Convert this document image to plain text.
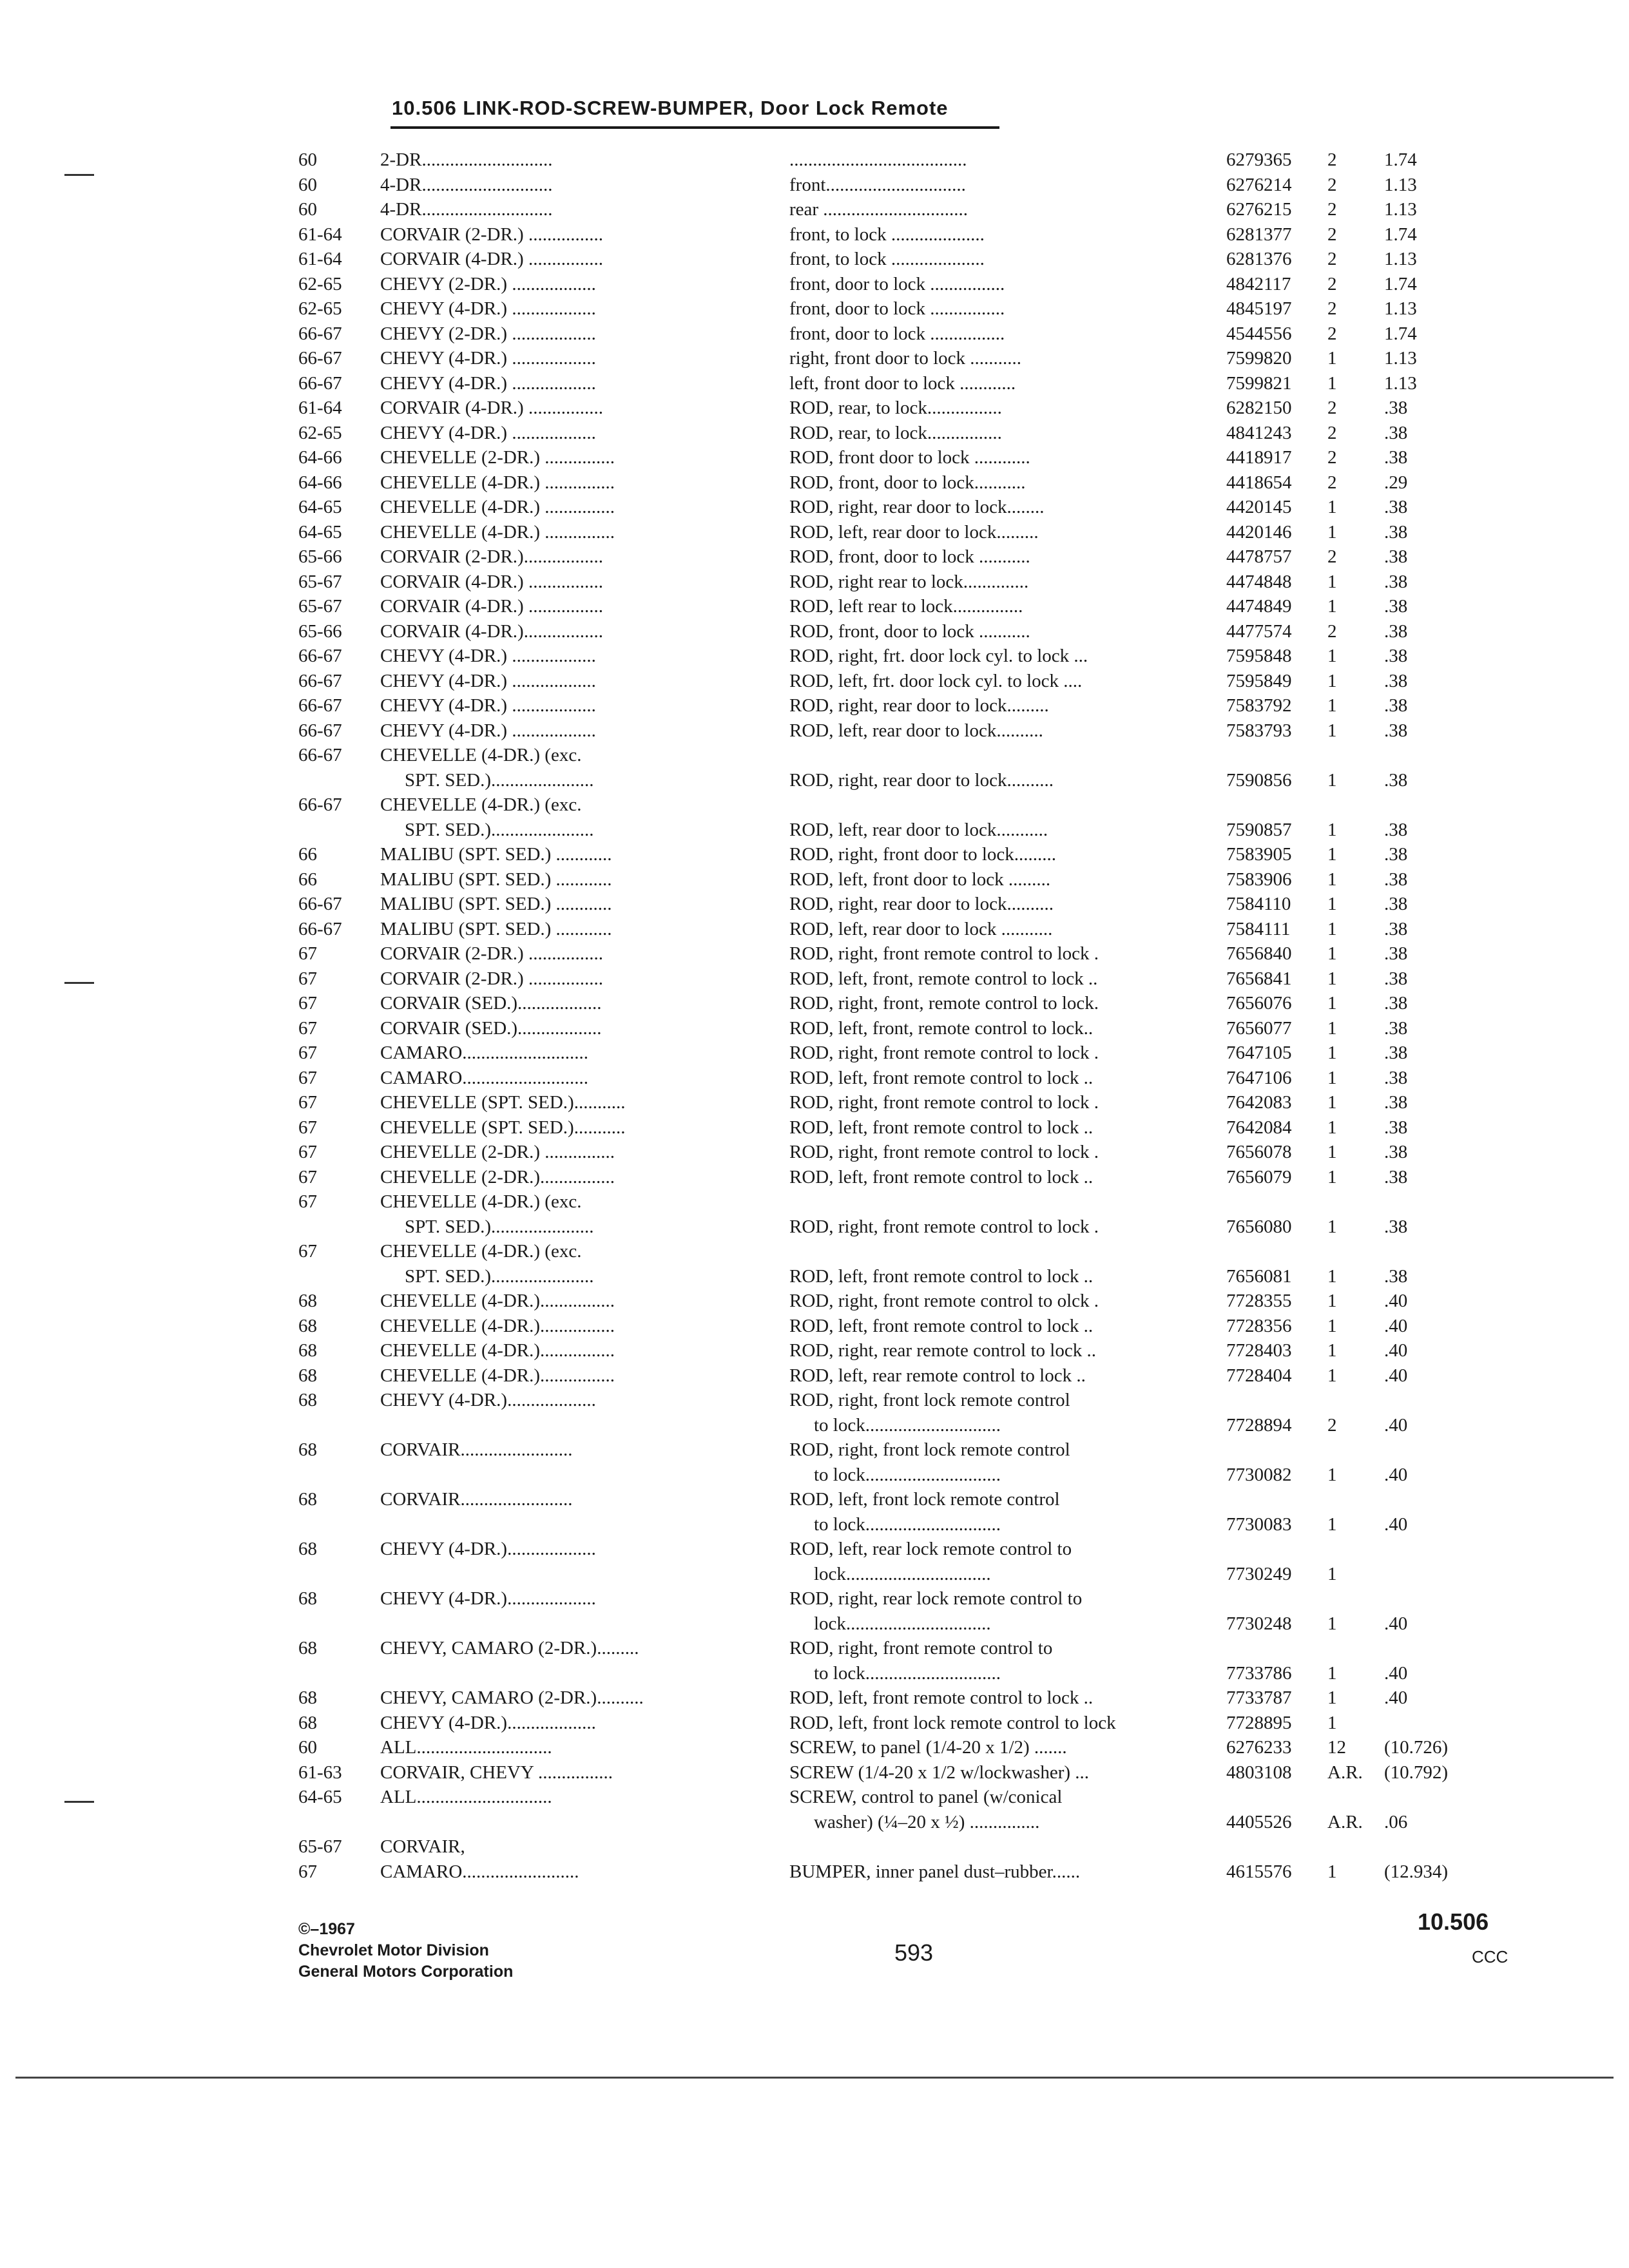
10.506 LINK-ROD-SCREW-BUMPER, Door Lock Remote
60	2-DR............................	......................................	6279365	2	1.74
60	4-DR............................	front..............................	6276214	2	1.13
60	4-DR............................	rear ...............................	6276215	2	1.13
61-64	CORVAIR (2-DR.) ................	front, to lock ....................	6281377	2	1.74
61-64	CORVAIR (4-DR.) ................	front, to lock ....................	6281376	2	1.13
62-65	CHEVY (2-DR.) ..................	front, door to lock ................	4842117	2	1.74
62-65	CHEVY (4-DR.) ..................	front, door to lock ................	4845197	2	1.13
66-67	CHEVY (2-DR.) ..................	front, door to lock ................	4544556	2	1.74
66-67	CHEVY (4-DR.) ..................	right, front door to lock ...........	7599820	1	1.13
66-67	CHEVY (4-DR.) ..................	left, front door to lock ............	7599821	1	1.13
61-64	CORVAIR (4-DR.) ................	ROD, rear, to lock................	6282150	2	.38
62-65	CHEVY (4-DR.) ..................	ROD, rear, to lock................	4841243	2	.38
64-66	CHEVELLE (2-DR.) ...............	ROD, front door to lock ............	4418917	2	.38
64-66	CHEVELLE (4-DR.) ...............	ROD, front, door to lock...........	4418654	2	.29
64-65	CHEVELLE (4-DR.) ...............	ROD, right, rear door to lock........	4420145	1	.38
64-65	CHEVELLE (4-DR.) ...............	ROD, left, rear door to lock.........	4420146	1	.38
65-66	CORVAIR (2-DR.).................	ROD, front, door to lock ...........	4478757	2	.38
65-67	CORVAIR (4-DR.) ................	ROD, right rear to lock..............	4474848	1	.38
65-67	CORVAIR (4-DR.) ................	ROD, left rear to lock...............	4474849	1	.38
65-66	CORVAIR (4-DR.).................	ROD, front, door to lock ...........	4477574	2	.38
66-67	CHEVY (4-DR.) ..................	ROD, right, frt. door lock cyl. to lock ...	7595848	1	.38
66-67	CHEVY (4-DR.) ..................	ROD, left, frt. door lock cyl. to lock ....	7595849	1	.38
66-67	CHEVY (4-DR.) ..................	ROD, right, rear door to lock.........	7583792	1	.38
66-67	CHEVY (4-DR.) ..................	ROD, left, rear door to lock..........	7583793	1	.38
66-67	CHEVELLE (4-DR.) (exc.
SPT. SED.)......................	ROD, right, rear door to lock..........	7590856	1	.38
66-67	CHEVELLE (4-DR.) (exc.
SPT. SED.)......................	ROD, left, rear door to lock...........	7590857	1	.38
66	MALIBU (SPT. SED.) ............	ROD, right, front door to lock.........	7583905	1	.38
66	MALIBU (SPT. SED.) ............	ROD, left, front door to lock .........	7583906	1	.38
66-67	MALIBU (SPT. SED.) ............	ROD, right, rear door to lock..........	7584110	1	.38
66-67	MALIBU (SPT. SED.) ............	ROD, left, rear door to lock ...........	7584111	1	.38
67	CORVAIR (2-DR.) ................	ROD, right, front remote control to lock .	7656840	1	.38
67	CORVAIR (2-DR.) ................	ROD, left, front, remote control to lock ..	7656841	1	.38
67	CORVAIR (SED.)..................	ROD, right, front, remote control to lock.	7656076	1	.38
67	CORVAIR (SED.)..................	ROD, left, front, remote control to lock..	7656077	1	.38
67	CAMARO...........................	ROD, right, front remote control to lock .	7647105	1	.38
67	CAMARO...........................	ROD, left, front remote control to lock ..	7647106	1	.38
67	CHEVELLE (SPT. SED.)...........	ROD, right, front remote control to lock .	7642083	1	.38
67	CHEVELLE (SPT. SED.)...........	ROD, left, front remote control to lock ..	7642084	1	.38
67	CHEVELLE (2-DR.) ...............	ROD, right, front remote control to lock .	7656078	1	.38
67	CHEVELLE (2-DR.)................	ROD, left, front remote control to lock ..	7656079	1	.38
67	CHEVELLE (4-DR.) (exc.
SPT. SED.)......................	ROD, right, front remote control to lock .	7656080	1	.38
67	CHEVELLE (4-DR.) (exc.
SPT. SED.)......................	ROD, left, front remote control to lock ..	7656081	1	.38
68	CHEVELLE (4-DR.)................	ROD, right, front remote control to olck .	7728355	1	.40
68	CHEVELLE (4-DR.)................	ROD, left, front remote control to lock ..	7728356	1	.40
68	CHEVELLE (4-DR.)................	ROD, right, rear remote control to lock ..	7728403	1	.40
68	CHEVELLE (4-DR.)................	ROD, left, rear remote control to lock ..	7728404	1	.40
68	CHEVY (4-DR.)...................	ROD, right, front lock remote control
to lock.............................	7728894	2	.40
68	CORVAIR........................	ROD, right, front lock remote control
to lock.............................	7730082	1	.40
68	CORVAIR........................	ROD, left, front lock remote control
to lock.............................	7730083	1	.40
68	CHEVY (4-DR.)...................	ROD, left, rear lock remote control to
lock...............................	7730249	1
68	CHEVY (4-DR.)...................	ROD, right, rear lock remote control to
lock...............................	7730248	1	.40
68	CHEVY, CAMARO (2-DR.).........	ROD, right, front remote control to
to lock.............................	7733786	1	.40
68	CHEVY, CAMARO (2-DR.)..........	ROD, left, front remote control to lock ..	7733787	1	.40
68	CHEVY (4-DR.)...................	ROD, left, front lock remote control to lock	7728895	1
60	ALL.............................	SCREW, to panel (1/4-20 x 1/2) .......	6276233	12	(10.726)
61-63	CORVAIR, CHEVY ................	SCREW (1/4-20 x 1/2 w/lockwasher) ...	4803108	A.R.	(10.792)
64-65	ALL.............................	SCREW, control to panel (w/conical
washer) (¼–20 x ½) ...............	4405526	A.R.	.06
65-67	CORVAIR,
67	CAMARO.........................	BUMPER, inner panel dust–rubber......	4615576	1	(12.934)
©–1967
Chevrolet Motor Division
General Motors Corporation
593
10.506
CCC
